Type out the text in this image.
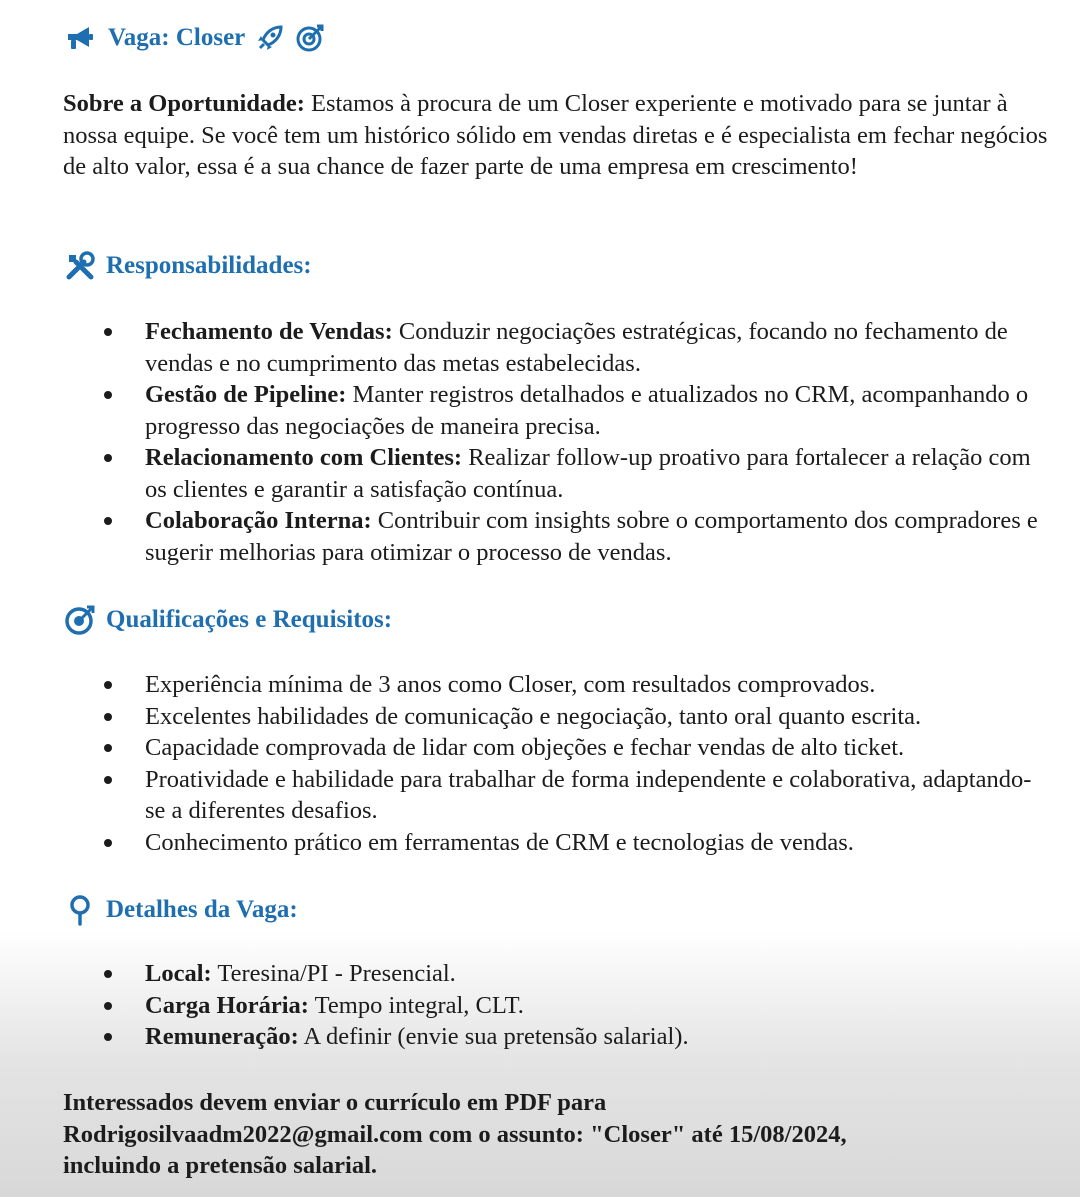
Vaga: Closer
Sobre a Oportunidade: Estamos à procura de um Closer experiente e motivado para se juntar à nossa equipe. Se você tem um histórico sólido em vendas diretas e é especialista em fechar negócios de alto valor, essa é a sua chance de fazer parte de uma empresa em crescimento!
Responsabilidades:
Fechamento de Vendas: Conduzir negociações estratégicas, focando no fechamento de vendas e no cumprimento das metas estabelecidas.
Gestão de Pipeline: Manter registros detalhados e atualizados no CRM, acompanhando o progresso das negociações de maneira precisa.
Relacionamento com Clientes: Realizar follow-up proativo para fortalecer a relação com os clientes e garantir a satisfação contínua.
Colaboração Interna: Contribuir com insights sobre o comportamento dos compradores e sugerir melhorias para otimizar o processo de vendas.
Qualificações e Requisitos:
Experiência mínima de 3 anos como Closer, com resultados comprovados.
Excelentes habilidades de comunicação e negociação, tanto oral quanto escrita.
Capacidade comprovada de lidar com objeções e fechar vendas de alto ticket.
Proatividade e habilidade para trabalhar de forma independente e colaborativa, adaptando-se a diferentes desafios.
Conhecimento prático em ferramentas de CRM e tecnologias de vendas.
Detalhes da Vaga:
Local: Teresina/PI - Presencial.
Carga Horária: Tempo integral, CLT.
Remuneração: A definir (envie sua pretensão salarial).
Interessados devem enviar o currículo em PDF para
Rodrigosilvaadm2022@gmail.com com o assunto: "Closer" até 15/08/2024,
incluindo a pretensão salarial.
